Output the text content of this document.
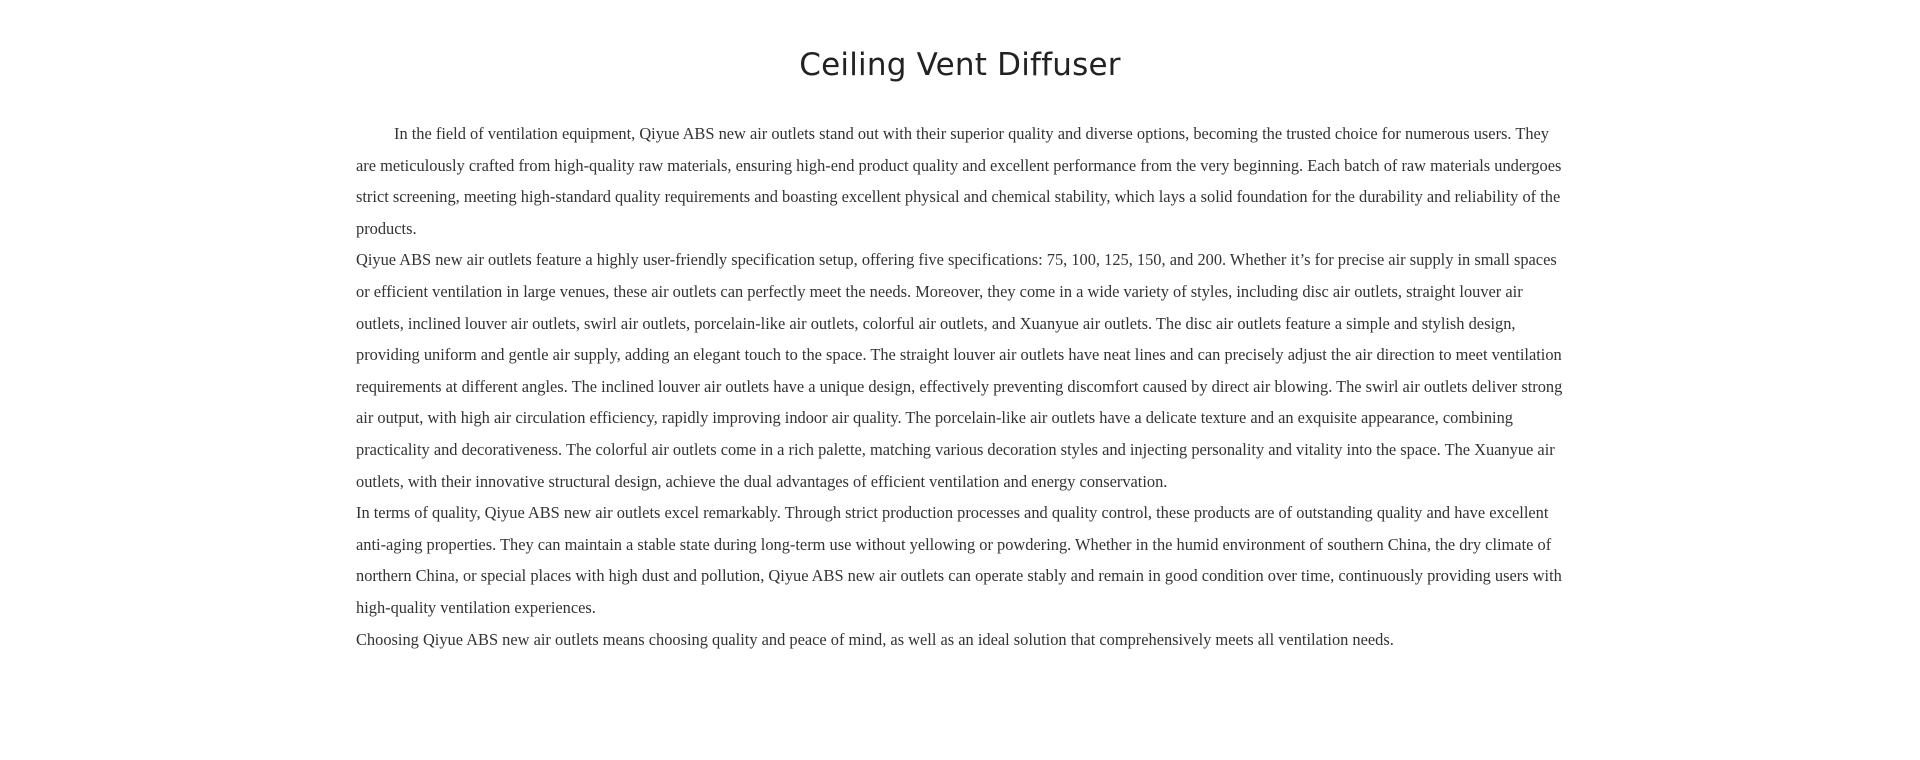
Ceiling Vent Diffuser

In the field of ventilation equipment, Qiyue ABS new air outlets stand out with their superior quality and diverse options, becoming the trusted choice for numerous users. They are meticulously crafted from high-quality raw materials, ensuring high-end product quality and excellent performance from the very beginning. Each batch of raw materials undergoes strict screening, meeting high-standard quality requirements and boasting excellent physical and chemical stability, which lays a solid foundation for the durability and reliability of the products.

Qiyue ABS new air outlets feature a highly user-friendly specification setup, offering five specifications: 75, 100, 125, 150, and 200. Whether it’s for precise air supply in small spaces or efficient ventilation in large venues, these air outlets can perfectly meet the needs. Moreover, they come in a wide variety of styles, including disc air outlets, straight louver air outlets, inclined louver air outlets, swirl air outlets, porcelain-like air outlets, colorful air outlets, and Xuanyue air outlets. The disc air outlets feature a simple and stylish design, providing uniform and gentle air supply, adding an elegant touch to the space. The straight louver air outlets have neat lines and can precisely adjust the air direction to meet ventilation requirements at different angles. The inclined louver air outlets have a unique design, effectively preventing discomfort caused by direct air blowing. The swirl air outlets deliver strong air output, with high air circulation efficiency, rapidly improving indoor air quality. The porcelain-like air outlets have a delicate texture and an exquisite appearance, combining practicality and decorativeness. The colorful air outlets come in a rich palette, matching various decoration styles and injecting personality and vitality into the space. The Xuanyue air outlets, with their innovative structural design, achieve the dual advantages of efficient ventilation and energy conservation.

In terms of quality, Qiyue ABS new air outlets excel remarkably. Through strict production processes and quality control, these products are of outstanding quality and have excellent anti-aging properties. They can maintain a stable state during long-term use without yellowing or powdering. Whether in the humid environment of southern China, the dry climate of northern China, or special places with high dust and pollution, Qiyue ABS new air outlets can operate stably and remain in good condition over time, continuously providing users with high-quality ventilation experiences.

Choosing Qiyue ABS new air outlets means choosing quality and peace of mind, as well as an ideal solution that comprehensively meets all ventilation needs.
